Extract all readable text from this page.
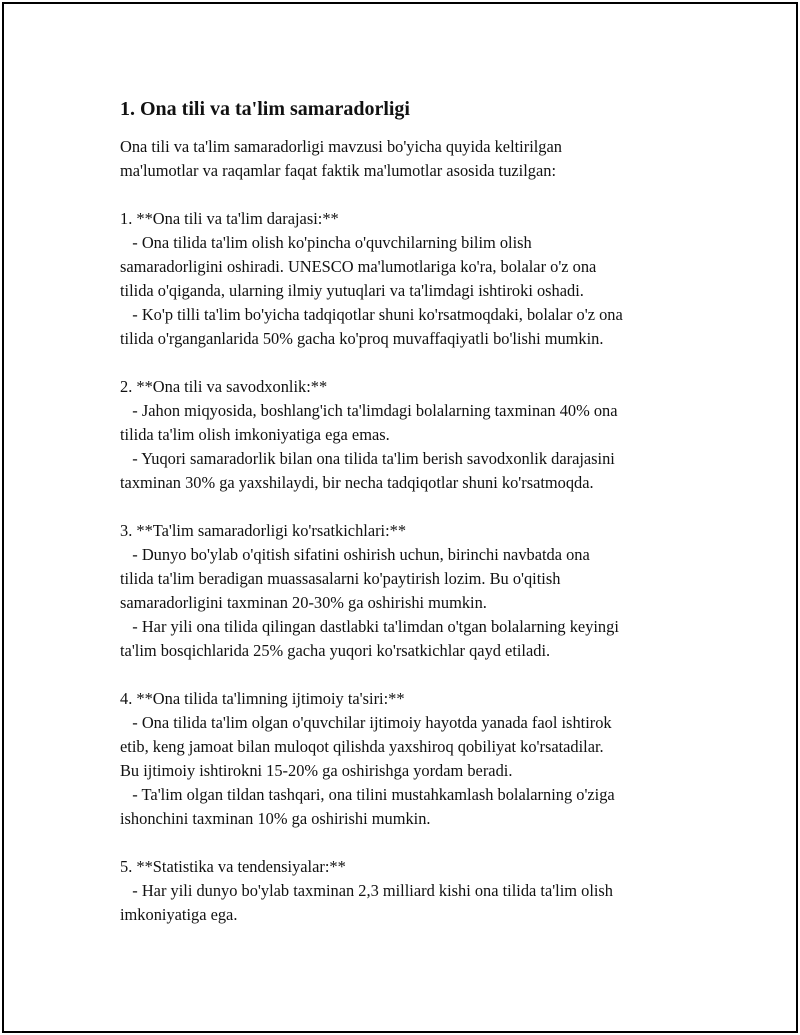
1. Ona tili va ta'lim samaradorligi

Ona tili va ta'lim samaradorligi mavzusi bo'yicha quyida keltirilgan
ma'lumotlar va raqamlar faqat faktik ma'lumotlar asosida tuzilgan:

1. **Ona tili va ta'lim darajasi:**
- Ona tilida ta'lim olish ko'pincha o'quvchilarning bilim olish
samaradorligini oshiradi. UNESCO ma'lumotlariga ko'ra, bolalar o'z ona
tilida o'qiganda, ularning ilmiy yutuqlari va ta'limdagi ishtiroki oshadi.
- Ko'p tilli ta'lim bo'yicha tadqiqotlar shuni ko'rsatmoqdaki, bolalar o'z ona
tilida o'rganganlarida 50% gacha ko'proq muvaffaqiyatli bo'lishi mumkin.

2. **Ona tili va savodxonlik:**
- Jahon miqyosida, boshlang'ich ta'limdagi bolalarning taxminan 40% ona
tilida ta'lim olish imkoniyatiga ega emas.
- Yuqori samaradorlik bilan ona tilida ta'lim berish savodxonlik darajasini
taxminan 30% ga yaxshilaydi, bir necha tadqiqotlar shuni ko'rsatmoqda.

3. **Ta'lim samaradorligi ko'rsatkichlari:**
- Dunyo bo'ylab o'qitish sifatini oshirish uchun, birinchi navbatda ona
tilida ta'lim beradigan muassasalarni ko'paytirish lozim. Bu o'qitish
samaradorligini taxminan 20-30% ga oshirishi mumkin.
- Har yili ona tilida qilingan dastlabki ta'limdan o'tgan bolalarning keyingi
ta'lim bosqichlarida 25% gacha yuqori ko'rsatkichlar qayd etiladi.

4. **Ona tilida ta'limning ijtimoiy ta'siri:**
- Ona tilida ta'lim olgan o'quvchilar ijtimoiy hayotda yanada faol ishtirok
etib, keng jamoat bilan muloqot qilishda yaxshiroq qobiliyat ko'rsatadilar.
Bu ijtimoiy ishtirokni 15-20% ga oshirishga yordam beradi.
- Ta'lim olgan tildan tashqari, ona tilini mustahkamlash bolalarning o'ziga
ishonchini taxminan 10% ga oshirishi mumkin.

5. **Statistika va tendensiyalar:**
- Har yili dunyo bo'ylab taxminan 2,3 milliard kishi ona tilida ta'lim olish
imkoniyatiga ega.
